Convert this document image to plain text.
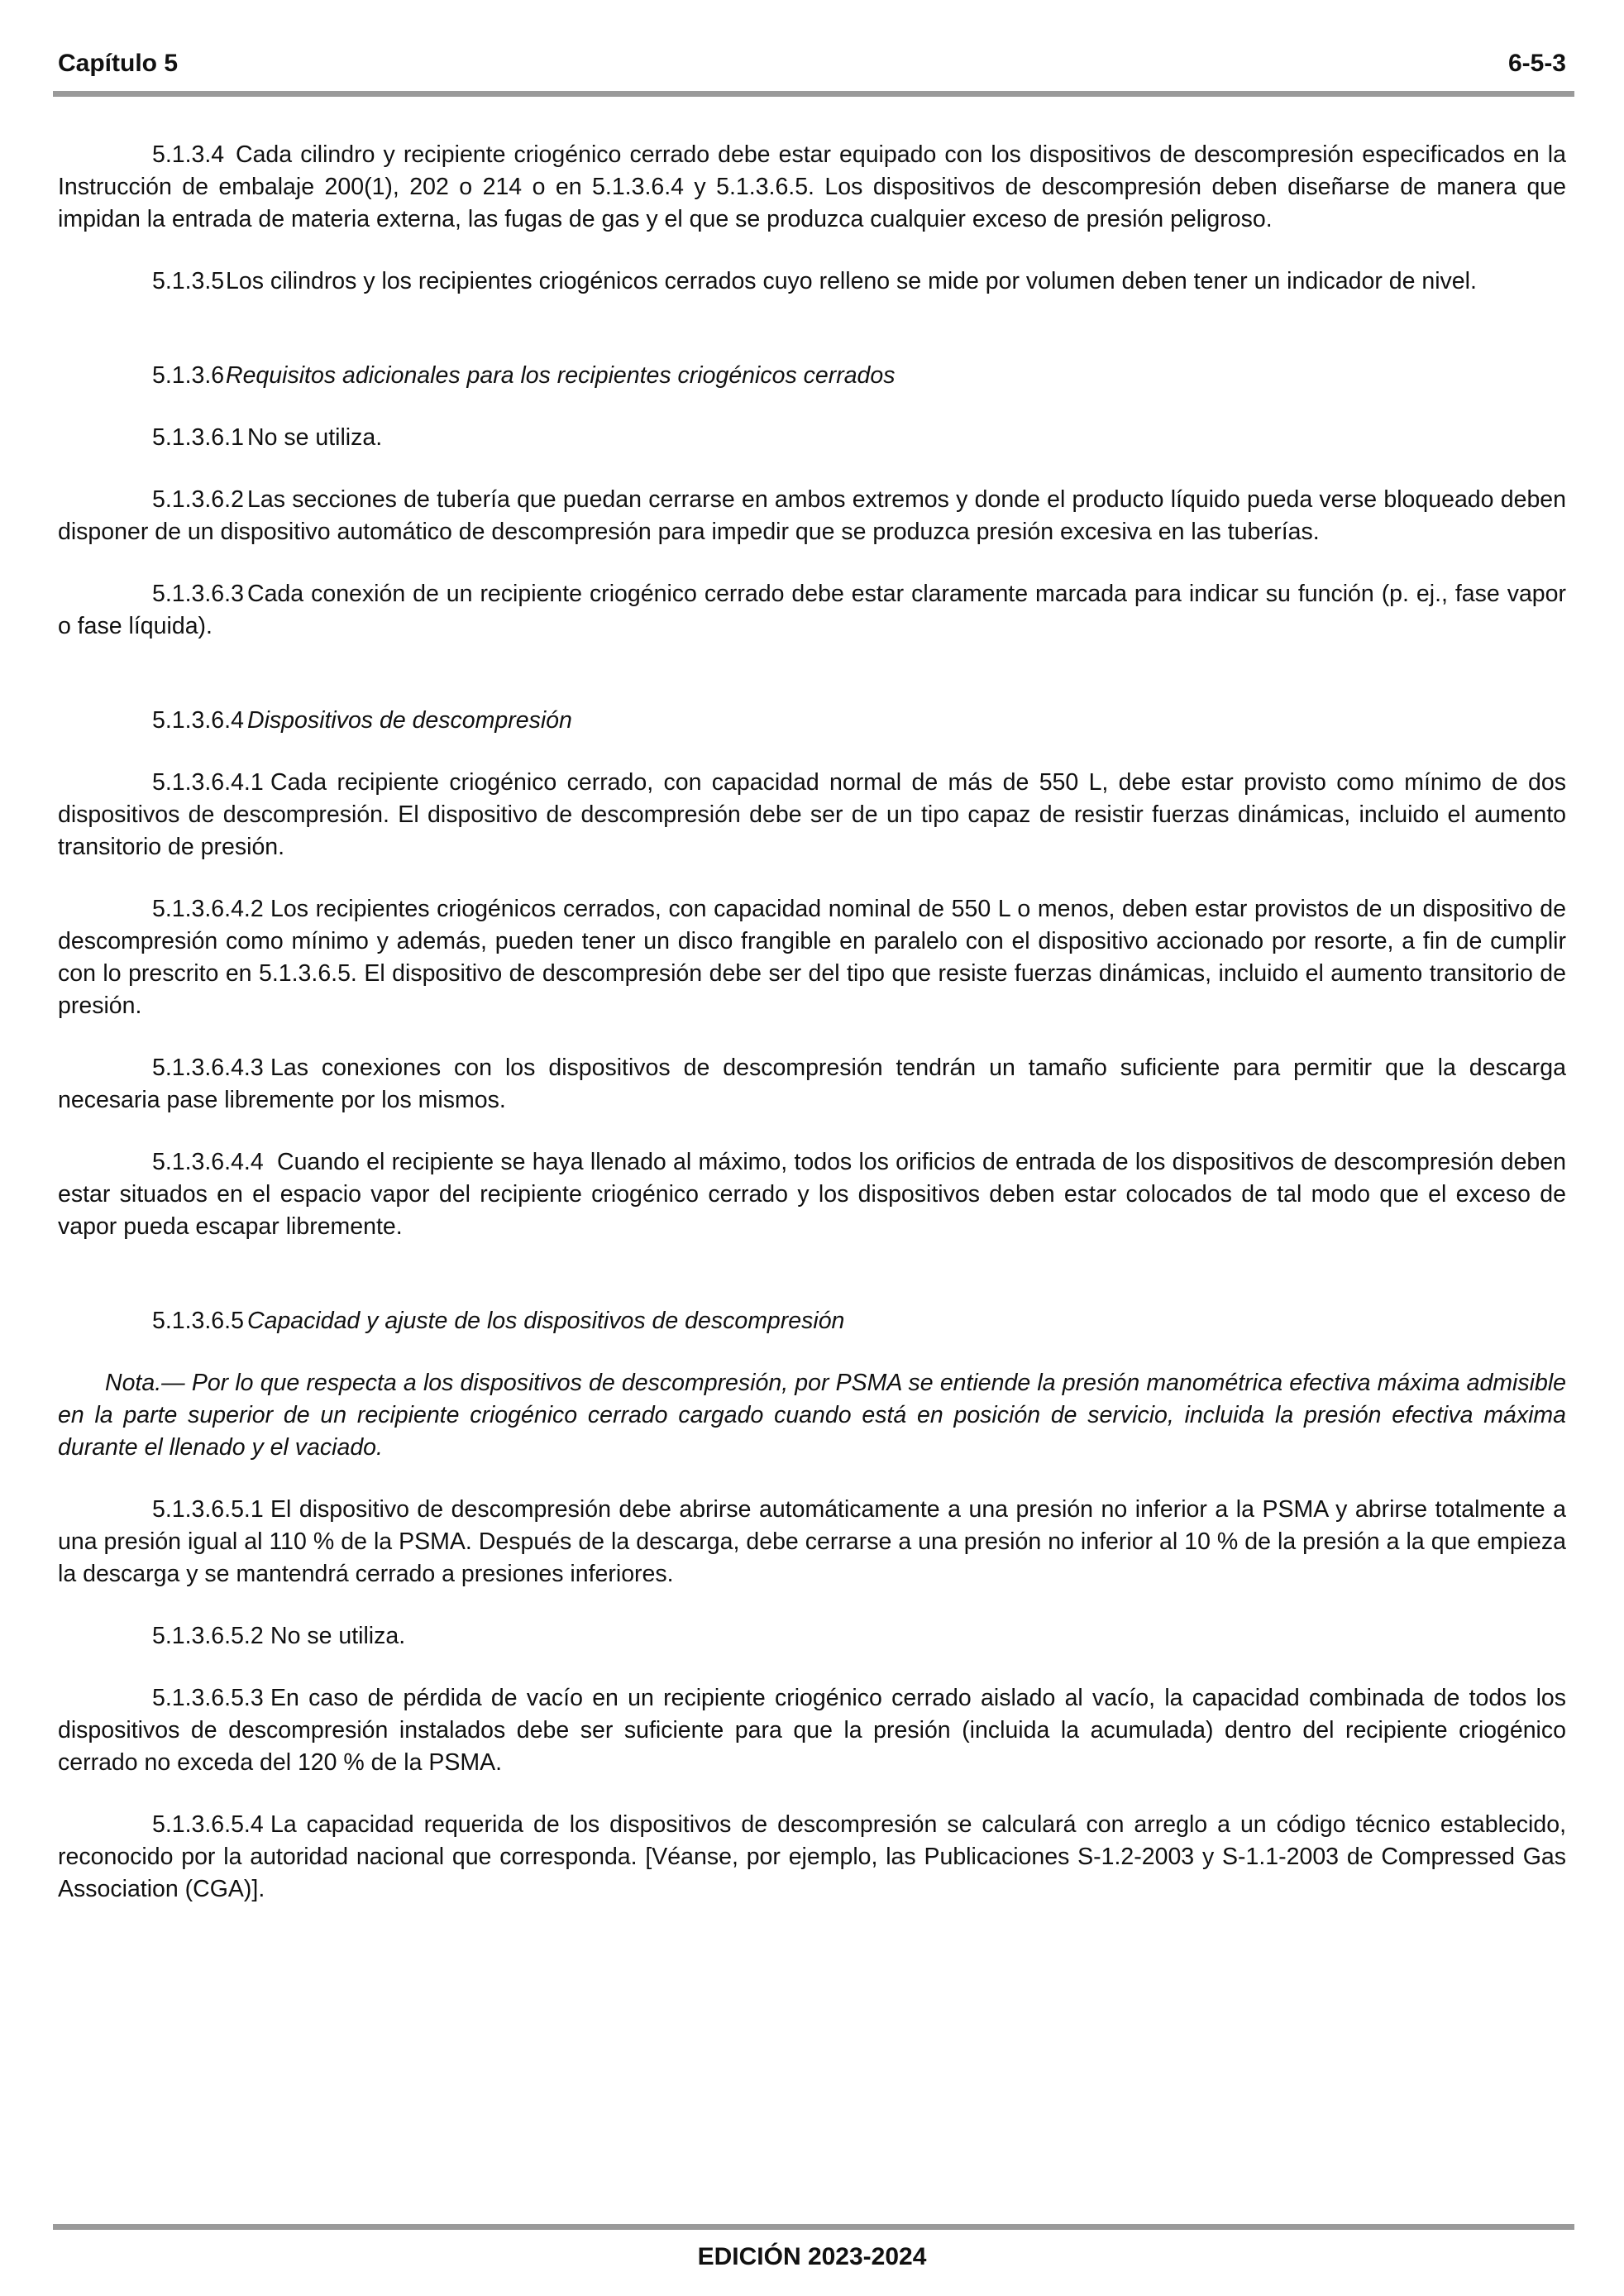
Capítulo 5	6-5-3

5.1.3.4 Cada cilindro y recipiente criogénico cerrado debe estar equipado con los dispositivos de descompresión especificados en la Instrucción de embalaje 200(1), 202 o 214 o en 5.1.3.6.4 y 5.1.3.6.5. Los dispositivos de descompresión deben diseñarse de manera que impidan la entrada de materia externa, las fugas de gas y el que se produzca cualquier exceso de presión peligroso.

5.1.3.5Los cilindros y los recipientes criogénicos cerrados cuyo relleno se mide por volumen deben tener un indicador de nivel.

5.1.3.6Requisitos adicionales para los recipientes criogénicos cerrados

5.1.3.6.1 No se utiliza.

5.1.3.6.2 Las secciones de tubería que puedan cerrarse en ambos extremos y donde el producto líquido pueda verse bloqueado deben disponer de un dispositivo automático de descompresión para impedir que se produzca presión excesiva en las tuberías.

5.1.3.6.3 Cada conexión de un recipiente criogénico cerrado debe estar claramente marcada para indicar su función (p. ej., fase vapor o fase líquida).

5.1.3.6.4 Dispositivos de descompresión

5.1.3.6.4.1 Cada recipiente criogénico cerrado, con capacidad normal de más de 550 L, debe estar provisto como mínimo de dos dispositivos de descompresión. El dispositivo de descompresión debe ser de un tipo capaz de resistir fuerzas dinámicas, incluido el aumento transitorio de presión.

5.1.3.6.4.2 Los recipientes criogénicos cerrados, con capacidad nominal de 550 L o menos, deben estar provistos de un dispositivo de descompresión como mínimo y además, pueden tener un disco frangible en paralelo con el dispositivo accionado por resorte, a fin de cumplir con lo prescrito en 5.1.3.6.5. El dispositivo de descompresión debe ser del tipo que resiste fuerzas dinámicas, incluido el aumento transitorio de presión.

5.1.3.6.4.3 Las conexiones con los dispositivos de descompresión tendrán un tamaño suficiente para permitir que la descarga necesaria pase libremente por los mismos.

5.1.3.6.4.4 Cuando el recipiente se haya llenado al máximo, todos los orificios de entrada de los dispositivos de descompresión deben estar situados en el espacio vapor del recipiente criogénico cerrado y los dispositivos deben estar colocados de tal modo que el exceso de vapor pueda escapar libremente.

5.1.3.6.5 Capacidad y ajuste de los dispositivos de descompresión

Nota.— Por lo que respecta a los dispositivos de descompresión, por PSMA se entiende la presión manométrica efectiva máxima admisible en la parte superior de un recipiente criogénico cerrado cargado cuando está en posición de servicio, incluida la presión efectiva máxima durante el llenado y el vaciado.

5.1.3.6.5.1 El dispositivo de descompresión debe abrirse automáticamente a una presión no inferior a la PSMA y abrirse totalmente a una presión igual al 110 % de la PSMA. Después de la descarga, debe cerrarse a una presión no inferior al 10 % de la presión a la que empieza la descarga y se mantendrá cerrado a presiones inferiores.

5.1.3.6.5.2 No se utiliza.

5.1.3.6.5.3 En caso de pérdida de vacío en un recipiente criogénico cerrado aislado al vacío, la capacidad combinada de todos los dispositivos de descompresión instalados debe ser suficiente para que la presión (incluida la acumulada) dentro del recipiente criogénico cerrado no exceda del 120 % de la PSMA.

5.1.3.6.5.4 La capacidad requerida de los dispositivos de descompresión se calculará con arreglo a un código técnico establecido, reconocido por la autoridad nacional que corresponda. [Véanse, por ejemplo, las Publicaciones S-1.2-2003 y S-1.1-2003 de Compressed Gas Association (CGA)].

EDICIÓN 2023-2024
